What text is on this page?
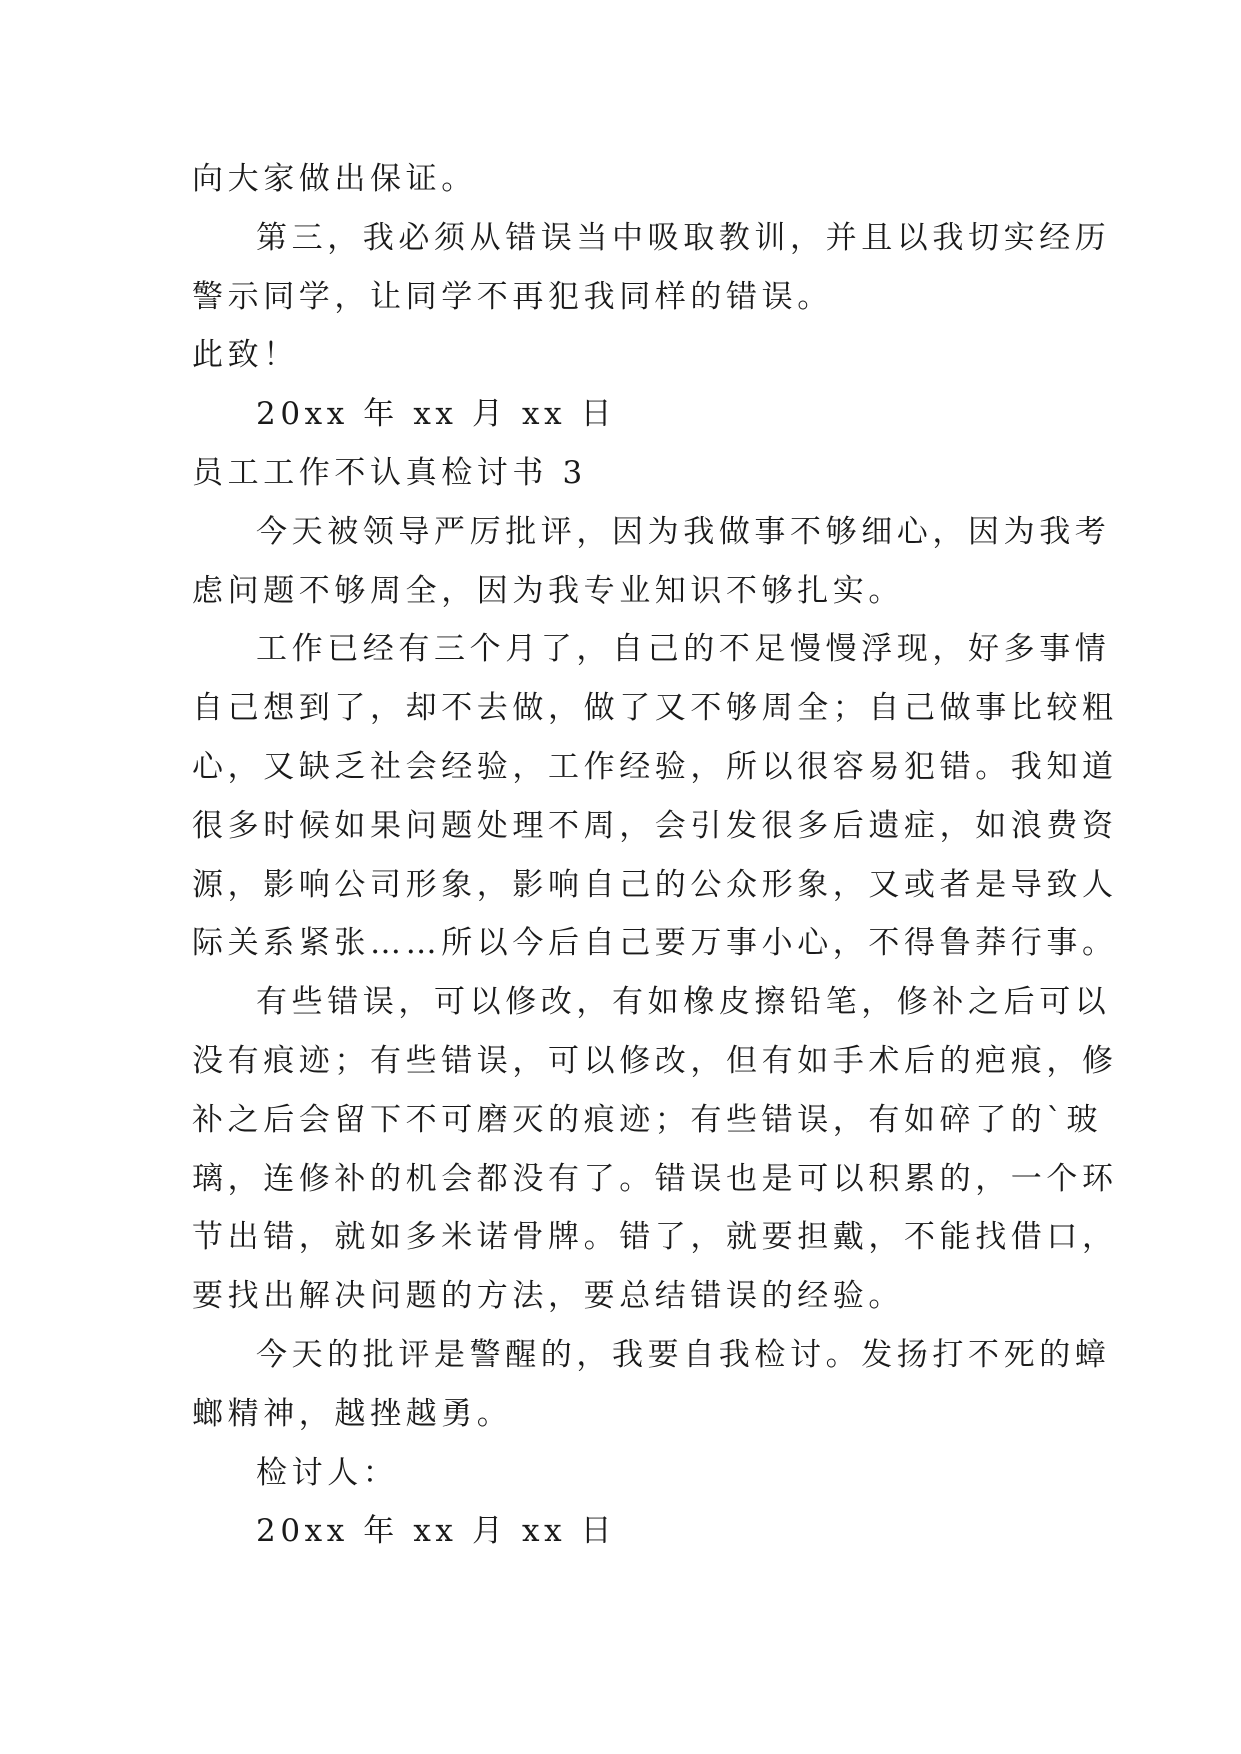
向大家做出保证。

第三，我必须从错误当中吸取教训，并且以我切实经历

警示同学，让同学不再犯我同样的错误。

此致！

20xx 年 xx 月 xx 日

员工工作不认真检讨书 3

今天被领导严厉批评，因为我做事不够细心，因为我考

虑问题不够周全，因为我专业知识不够扎实。

工作已经有三个月了，自己的不足慢慢浮现，好多事情

自己想到了，却不去做，做了又不够周全；自己做事比较粗

心，又缺乏社会经验，工作经验，所以很容易犯错。我知道

很多时候如果问题处理不周，会引发很多后遗症，如浪费资

源，影响公司形象，影响自己的公众形象，又或者是导致人

际关系紧张……所以今后自己要万事小心，不得鲁莽行事。

有些错误，可以修改，有如橡皮擦铅笔，修补之后可以

没有痕迹；有些错误，可以修改，但有如手术后的疤痕，修

补之后会留下不可磨灭的痕迹；有些错误，有如碎了的`玻

璃，连修补的机会都没有了。错误也是可以积累的，一个环

节出错，就如多米诺骨牌。错了，就要担戴，不能找借口，

要找出解决问题的方法，要总结错误的经验。

今天的批评是警醒的，我要自我检讨。发扬打不死的蟑

螂精神，越挫越勇。

检讨人：

20xx 年 xx 月 xx 日
